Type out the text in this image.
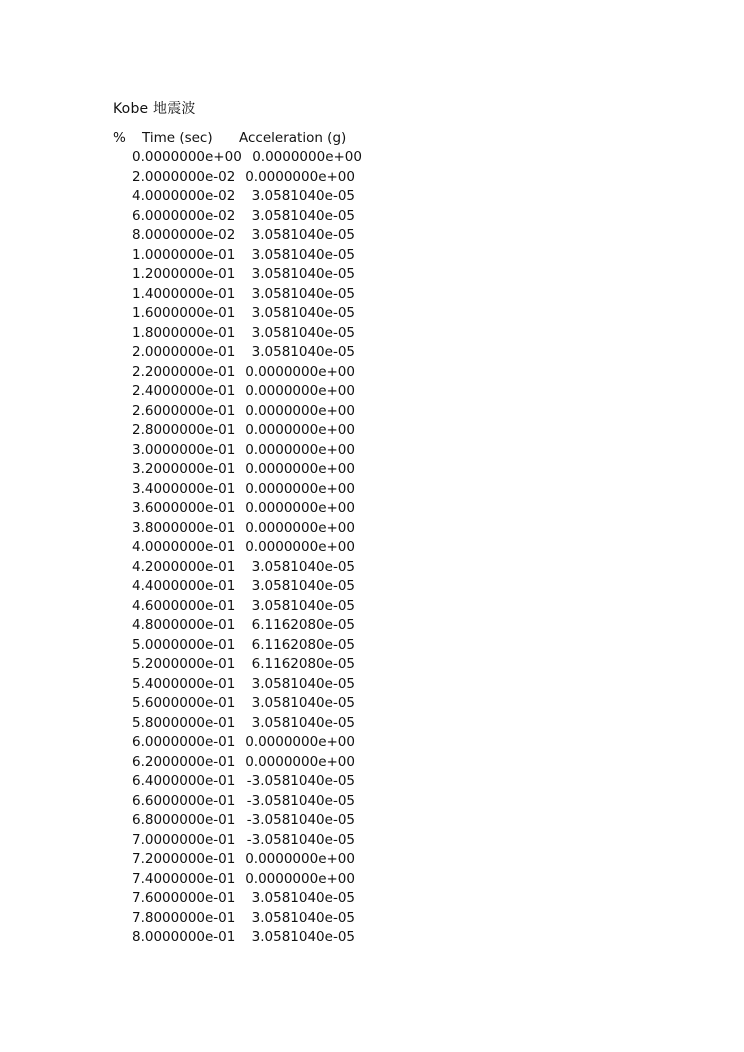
Kobe 地震波
% Time (sec) Acceleration (g)
0.0000000e+00 0.0000000e+00
2.0000000e-02 0.0000000e+00
4.0000000e-02 3.0581040e-05
6.0000000e-02 3.0581040e-05
8.0000000e-02 3.0581040e-05
1.0000000e-01 3.0581040e-05
1.2000000e-01 3.0581040e-05
1.4000000e-01 3.0581040e-05
1.6000000e-01 3.0581040e-05
1.8000000e-01 3.0581040e-05
2.0000000e-01 3.0581040e-05
2.2000000e-01 0.0000000e+00
2.4000000e-01 0.0000000e+00
2.6000000e-01 0.0000000e+00
2.8000000e-01 0.0000000e+00
3.0000000e-01 0.0000000e+00
3.2000000e-01 0.0000000e+00
3.4000000e-01 0.0000000e+00
3.6000000e-01 0.0000000e+00
3.8000000e-01 0.0000000e+00
4.0000000e-01 0.0000000e+00
4.2000000e-01 3.0581040e-05
4.4000000e-01 3.0581040e-05
4.6000000e-01 3.0581040e-05
4.8000000e-01 6.1162080e-05
5.0000000e-01 6.1162080e-05
5.2000000e-01 6.1162080e-05
5.4000000e-01 3.0581040e-05
5.6000000e-01 3.0581040e-05
5.8000000e-01 3.0581040e-05
6.0000000e-01 0.0000000e+00
6.2000000e-01 0.0000000e+00
6.4000000e-01 -3.0581040e-05
6.6000000e-01 -3.0581040e-05
6.8000000e-01 -3.0581040e-05
7.0000000e-01 -3.0581040e-05
7.2000000e-01 0.0000000e+00
7.4000000e-01 0.0000000e+00
7.6000000e-01 3.0581040e-05
7.8000000e-01 3.0581040e-05
8.0000000e-01 3.0581040e-05
